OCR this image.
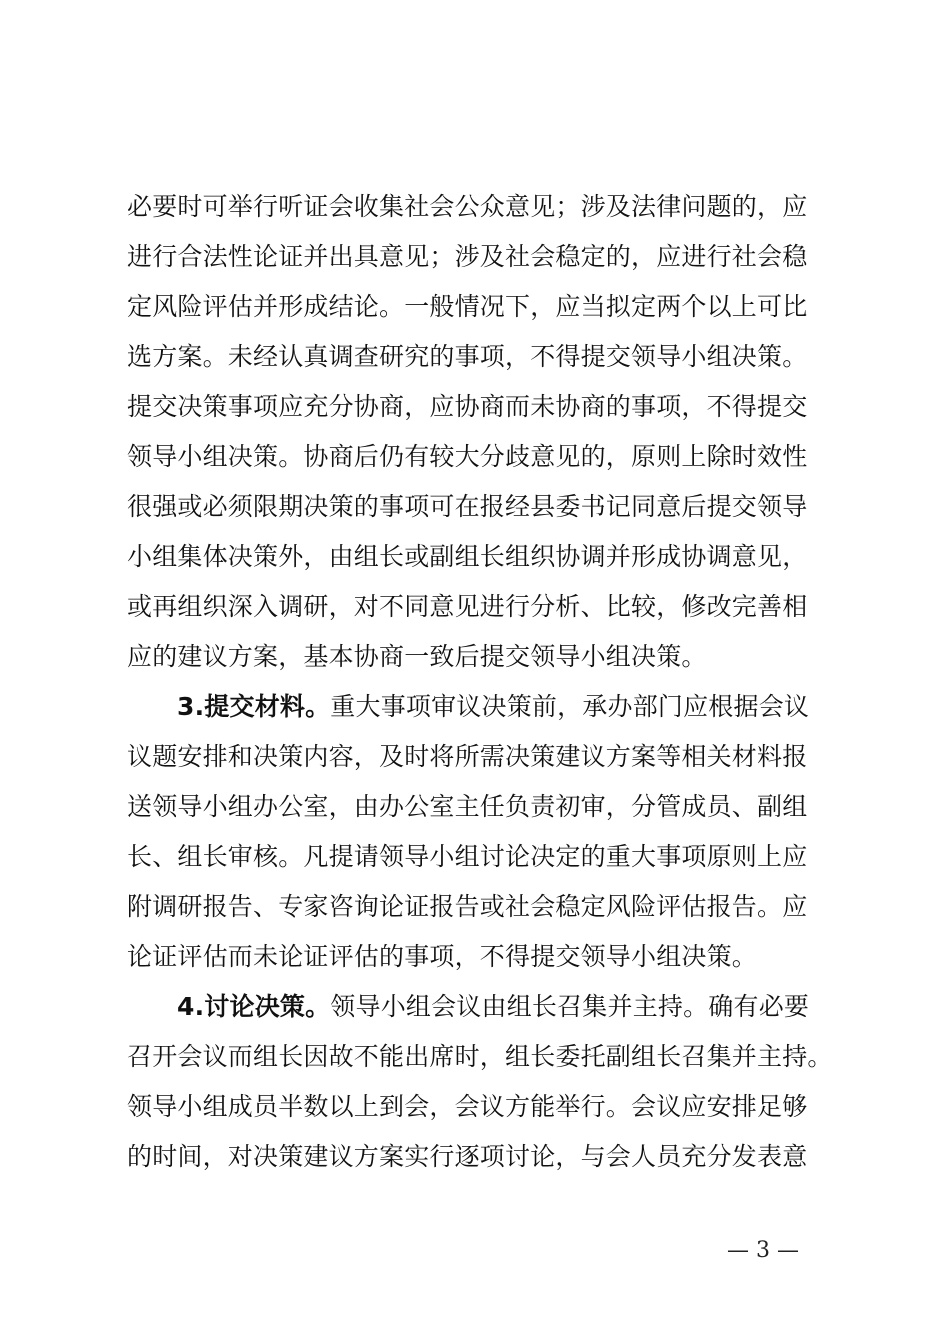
必要时可举行听证会收集社会公众意见；涉及法律问题的，应
进行合法性论证并出具意见；涉及社会稳定的，应进行社会稳
定风险评估并形成结论。一般情况下，应当拟定两个以上可比
选方案。未经认真调查研究的事项，不得提交领导小组决策。
提交决策事项应充分协商，应协商而未协商的事项，不得提交
领导小组决策。协商后仍有较大分歧意见的，原则上除时效性
很强或必须限期决策的事项可在报经县委书记同意后提交领导
小组集体决策外，由组长或副组长组织协调并形成协调意见，
或再组织深入调研，对不同意见进行分析、比较，修改完善相
应的建议方案，基本协商一致后提交领导小组决策。
3.提交材料。重大事项审议决策前，承办部门应根据会议
议题安排和决策内容，及时将所需决策建议方案等相关材料报
送领导小组办公室，由办公室主任负责初审，分管成员、副组
长、组长审核。凡提请领导小组讨论决定的重大事项原则上应
附调研报告、专家咨询论证报告或社会稳定风险评估报告。应
论证评估而未论证评估的事项，不得提交领导小组决策。
4.讨论决策。领导小组会议由组长召集并主持。确有必要
召开会议而组长因故不能出席时，组长委托副组长召集并主持。
领导小组成员半数以上到会，会议方能举行。会议应安排足够
的时间，对决策建议方案实行逐项讨论，与会人员充分发表意
— 3 —
